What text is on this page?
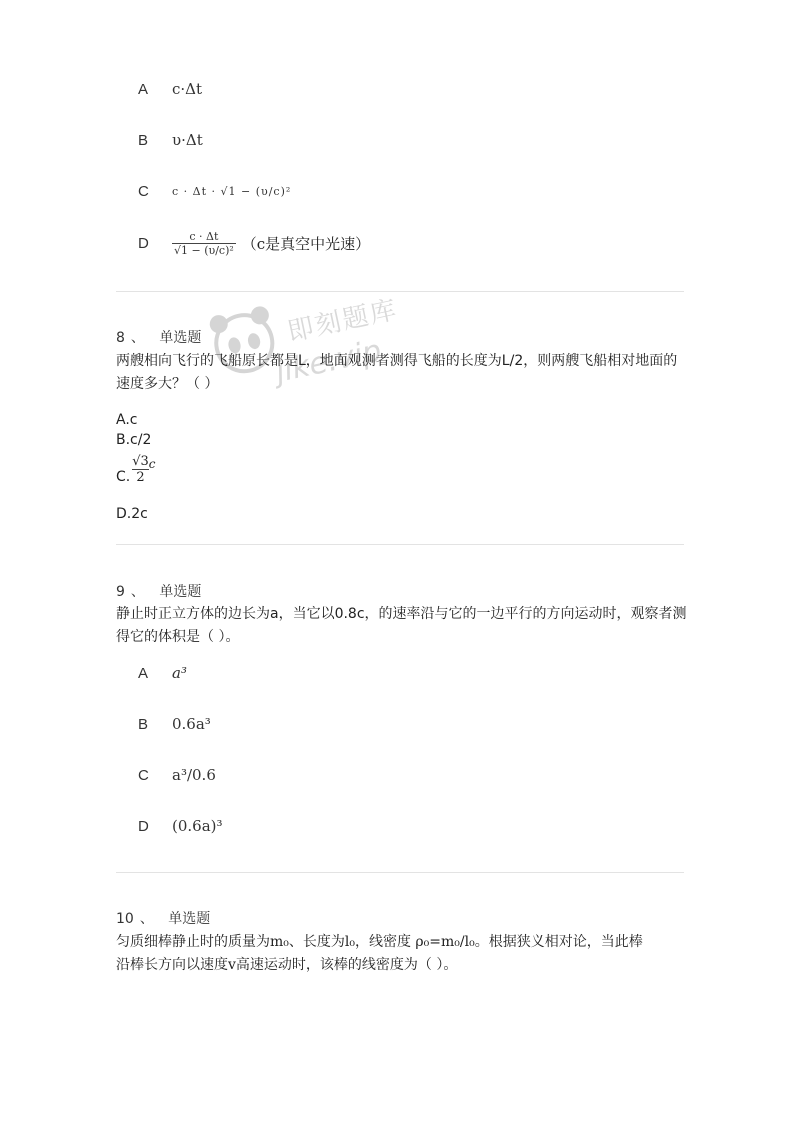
A	c·Δt
B	υ·Δt
C	c · Δt · √1 − (υ/c)²
D	$\frac{c \cdot \Delta t}{\text{√1 − (υ/c)²}} (c$是真空中光速）
即刻题库
jike.vip
8 、 单选题
两艘相向飞行的飞船原长都是L，地面观测者测得飞船的长度为L/2，则两艘飞船相对地面的速度多大？（ ）
A.c
B.c/2
C. $\frac{√3}{2}$ c
D.2c
9 、 单选题
静止时正立方体的边长为a，当它以0.8c，的速率沿与它的一边平行的方向运动时，观察者测得它的体积是（ ）。
A	a³
B	0.6a³
C	a³/0.6
D	(0.6a)³
10 、 单选题
匀质细棒静止时的质量为m₀、长度为l₀，线密度 ρ₀=m₀/l₀。根据狭义相对论，当此棒
沿棒长方向以速度v高速运动时，该棒的线密度为（ ）。
